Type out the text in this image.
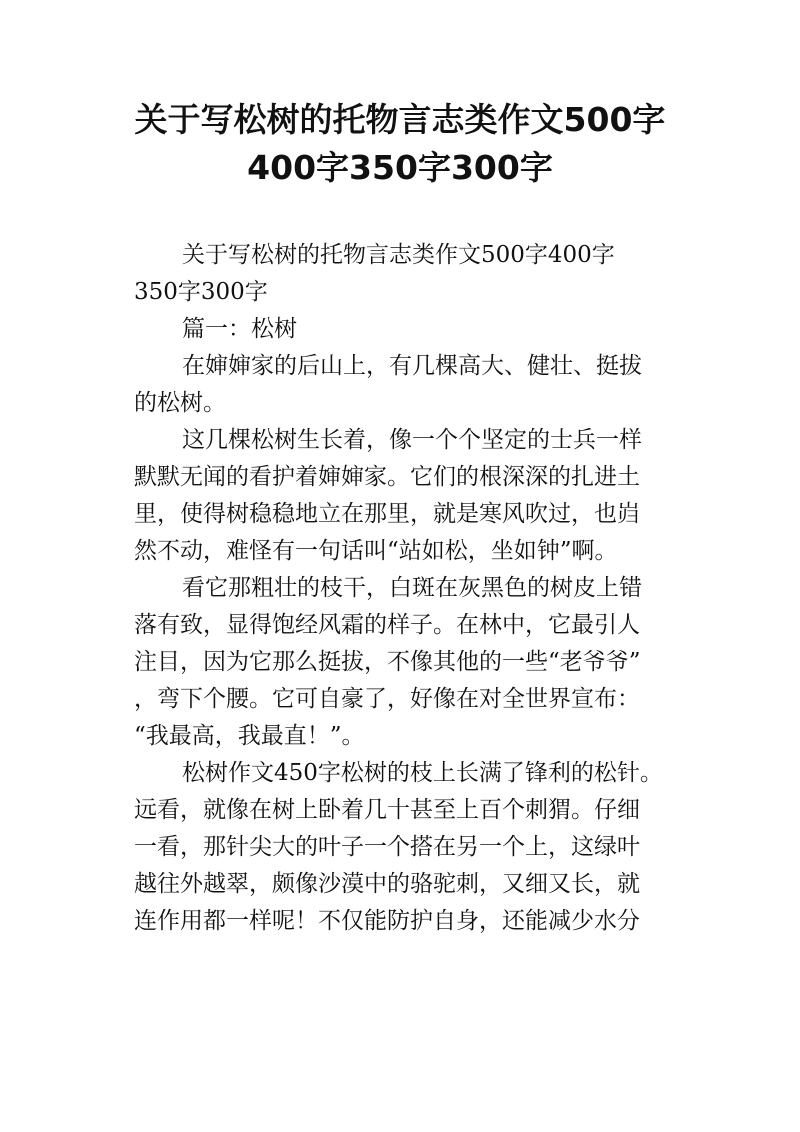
关于写松树的托物言志类作文500字
400字350字300字
关于写松树的托物言志类作文500字400字
350字300字
篇一：松树
在婶婶家的后山上，有几棵高大、健壮、挺拔
的松树。
这几棵松树生长着，像一个个坚定的士兵一样
默默无闻的看护着婶婶家。它们的根深深的扎进土
里，使得树稳稳地立在那里，就是寒风吹过，也岿
然不动，难怪有一句话叫“站如松，坐如钟”啊。
看它那粗壮的枝干，白斑在灰黑色的树皮上错
落有致，显得饱经风霜的样子。在林中，它最引人
注目，因为它那么挺拔，不像其他的一些“老爷爷”
，弯下个腰。它可自豪了，好像在对全世界宣布：
“我最高，我最直！”。
松树作文450字松树的枝上长满了锋利的松针。
远看，就像在树上卧着几十甚至上百个刺猬。仔细
一看，那针尖大的叶子一个搭在另一个上，这绿叶
越往外越翠，颇像沙漠中的骆驼刺，又细又长，就
连作用都一样呢！不仅能防护自身，还能减少水分
